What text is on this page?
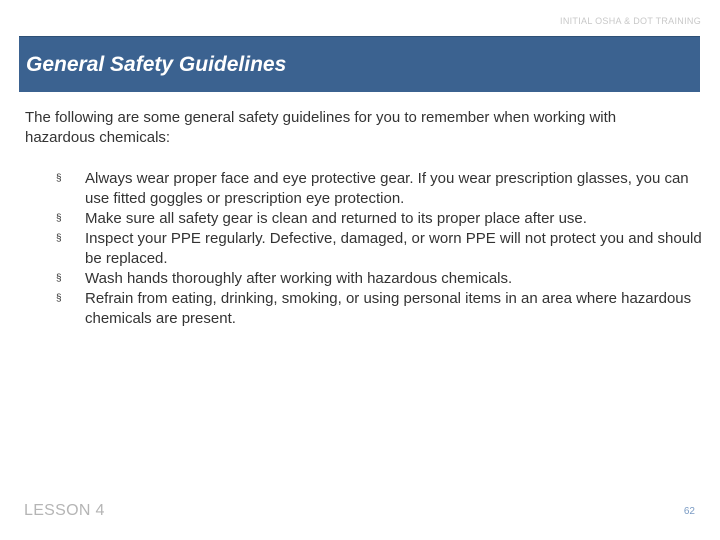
INITIAL OSHA & DOT TRAINING
General Safety Guidelines
The following are some general safety guidelines for you to remember when working with hazardous chemicals:
§ Always wear proper face and eye protective gear. If you wear prescription glasses, you can use fitted goggles or prescription eye protection.
§ Make sure all safety gear is clean and returned to its proper place after use.
§ Inspect your PPE regularly. Defective, damaged, or worn PPE will not protect you and should be replaced.
§ Wash hands thoroughly after working with hazardous chemicals.
§ Refrain from eating, drinking, smoking, or using personal items in an area where hazardous chemicals are present.
LESSON 4	62
